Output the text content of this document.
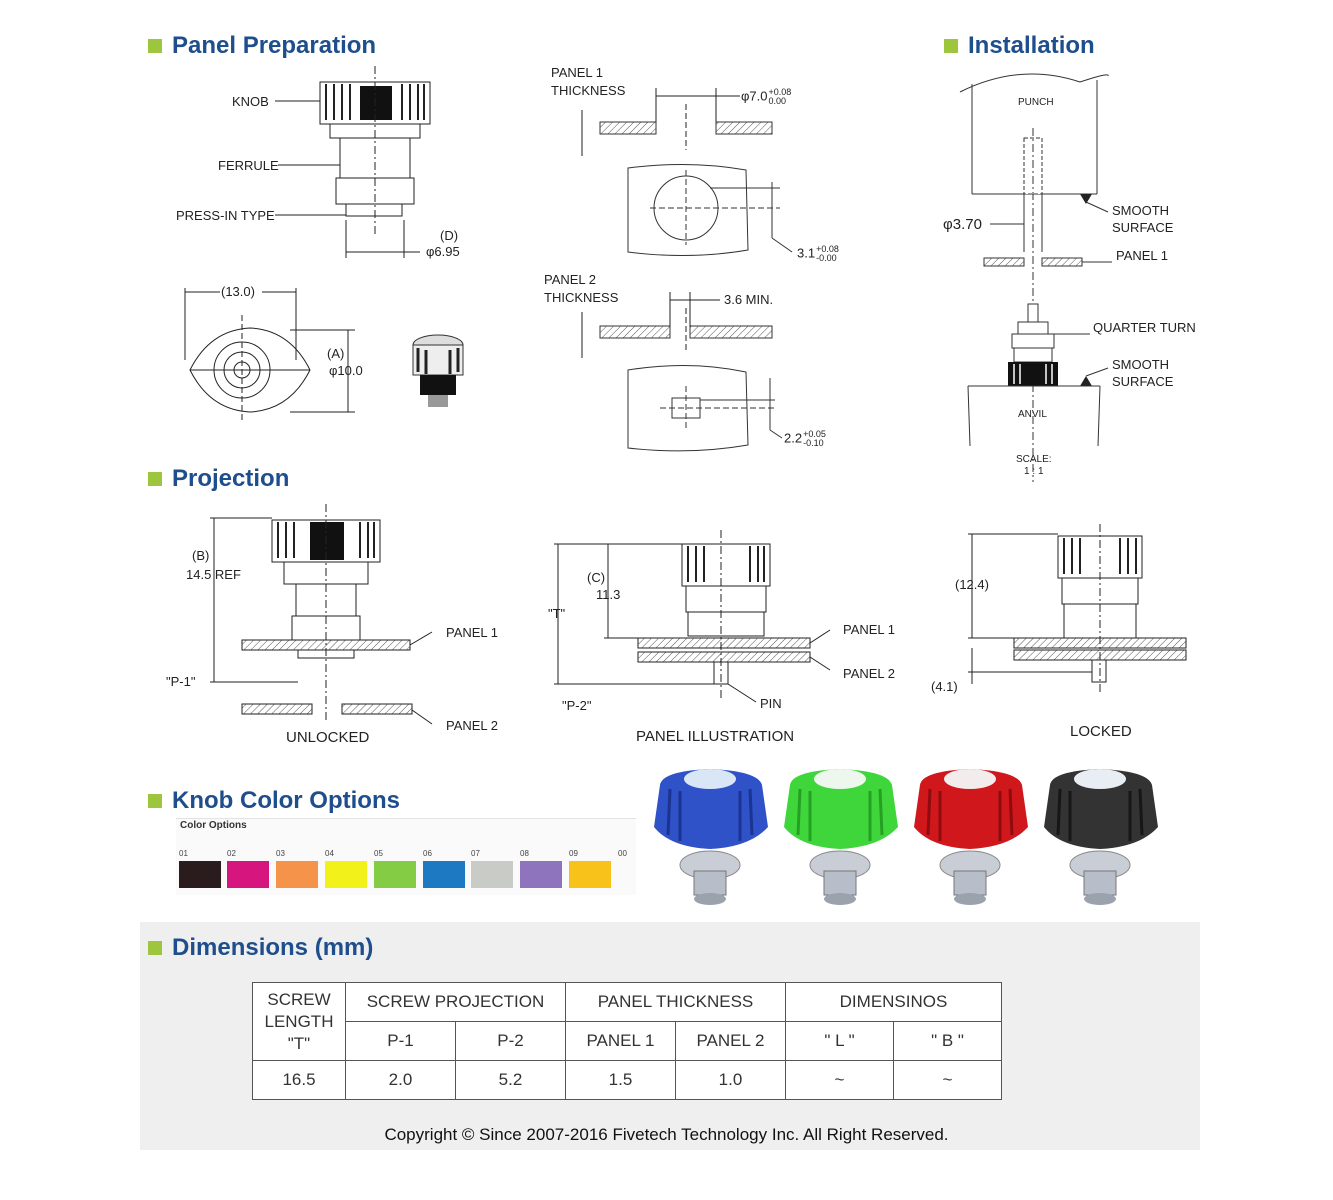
Panel Preparation	Installation
Projection
Knob Color Options
KNOB
FERRULE
PRESS-IN TYPE
(D)
φ6.95
(13.0)
(A)
φ10.0
PANEL 1
THICKNESS	φ7.0+0.08
0.00
3.1+0.08
-0.00
PANEL 2
THICKNESS	3.6 MIN.
2.2+0.05
-0.10
PUNCH
SMOOTH
SURFACE
φ3.70
PANEL 1
QUARTER TURN
SMOOTH
SURFACE
ANVIL
SCALE:
1 : 1
(B)
14.5 REF
"P-1"
PANEL 1
PANEL 2
UNLOCKED
(C)
11.3
"T"
"P-2"
PANEL 1
PANEL 2
PIN
PANEL ILLUSTRATION
(12.4)
(4.1)
LOCKED
Color Options
01	02	03	04	05	06	07	08	09	00
Dimensions (mm)
SCREW
LENGTH
"T"	SCREW PROJECTION		PANEL THICKNESS		DIMENSINOS	
	P-1	P-2	PANEL 1	PANEL 2	" L "	" B "
16.5	2.0	5.2	1.5	1.0	~	~
Copyright © Since 2007-2016 Fivetech Technology Inc. All Right Reserved.
